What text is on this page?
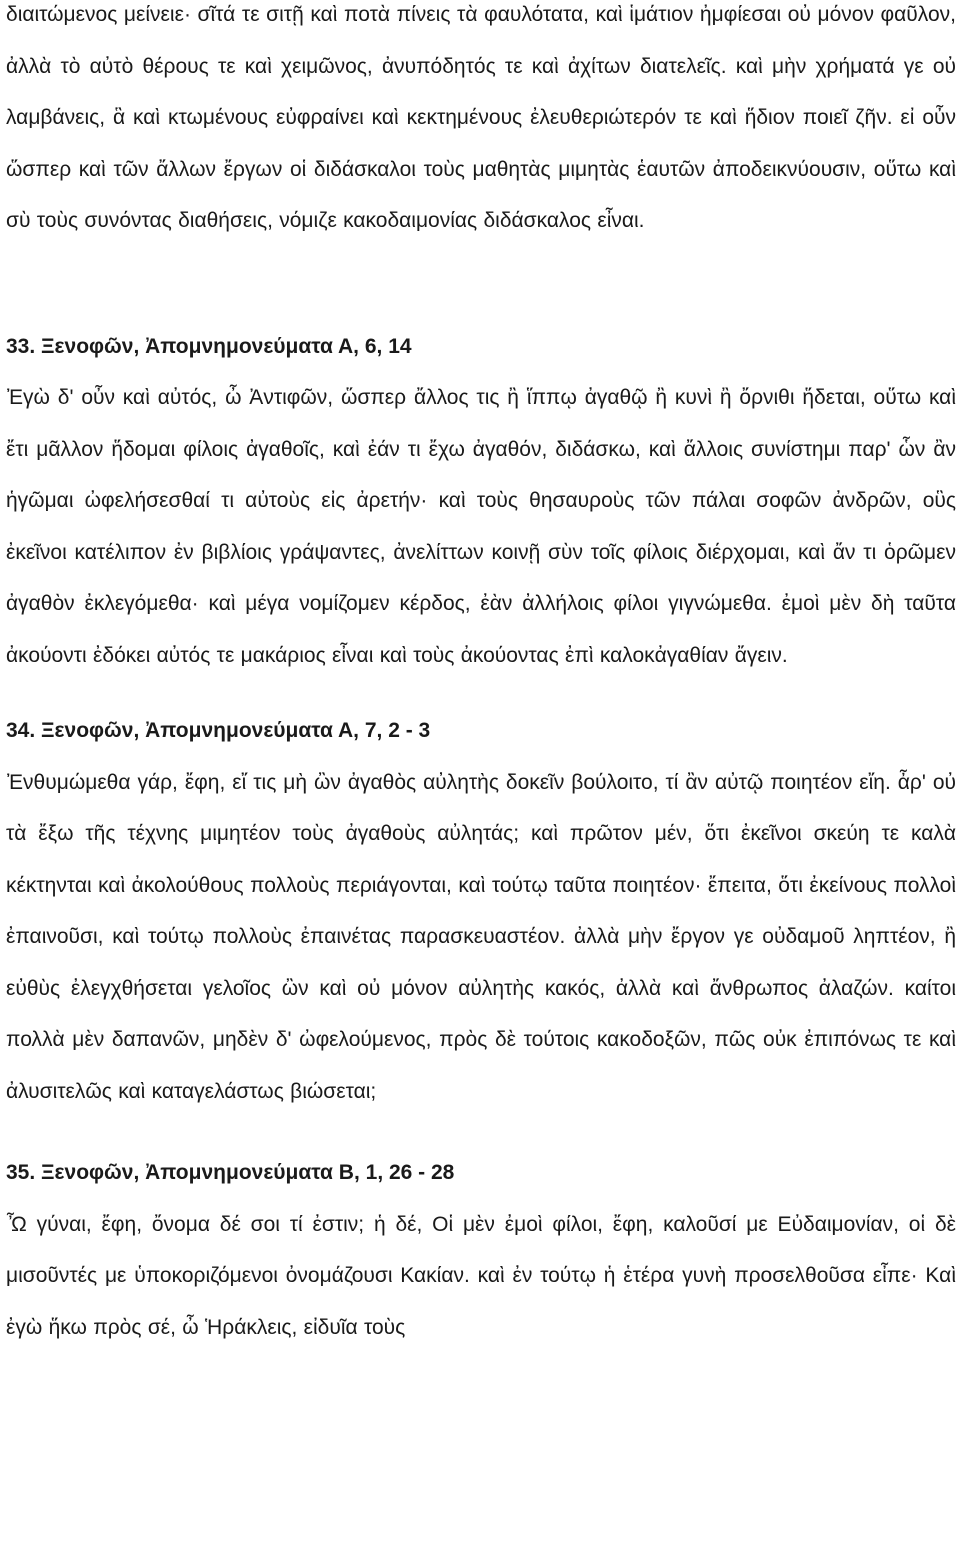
διαιτώμενος μείνειε· σῖτά τε σιτῇ καὶ ποτὰ πίνεις τὰ φαυλότατα, καὶ ἱμάτιον ἠμφίεσαι οὐ μόνον φαῦλον, ἀλλὰ τὸ αὐτὸ θέρους τε καὶ χειμῶνος, ἀνυπόδητός τε καὶ ἀχίτων διατελεῖς. καὶ μὴν χρήματά γε οὐ λαμβάνεις, ἃ καὶ κτωμένους εὐφραίνει καὶ κεκτημένους ἐλευθεριώτερόν τε καὶ ἥδιον ποιεῖ ζῆν. εἰ οὖν ὥσπερ καὶ τῶν ἄλλων ἔργων οἱ διδάσκαλοι τοὺς μαθητὰς μιμητὰς ἑαυτῶν ἀποδεικνύουσιν, οὕτω καὶ σὺ τοὺς συνόντας διαθήσεις, νόμιζε κακοδαιμονίας διδάσκαλος εἶναι.

33. Ξενοφῶν, Ἀπομνημονεύματα Α, 6, 14

Ἐγὼ δ' οὖν καὶ αὐτός, ὦ Ἀντιφῶν, ὥσπερ ἄλλος τις ἢ ἵππῳ ἀγαθῷ ἢ κυνὶ ἢ ὄρνιθι ἥδεται, οὕτω καὶ ἔτι μᾶλλον ἥδομαι φίλοις ἀγαθοῖς, καὶ ἐάν τι ἔχω ἀγαθόν, διδάσκω, καὶ ἄλλοις συνίστημι παρ' ὧν ἂν ἡγῶμαι ὠφελήσεσθαί τι αὐτοὺς εἰς ἀρετήν· καὶ τοὺς θησαυροὺς τῶν πάλαι σοφῶν ἀνδρῶν, οὓς ἐκεῖνοι κατέλιπον ἐν βιβλίοις γράψαντες, ἀνελίττων κοινῇ σὺν τοῖς φίλοις διέρχομαι, καὶ ἄν τι ὁρῶμεν ἀγαθὸν ἐκλεγόμεθα· καὶ μέγα νομίζομεν κέρδος, ἐὰν ἀλλήλοις φίλοι γιγνώμεθα. ἐμοὶ μὲν δὴ ταῦτα ἀκούοντι ἐδόκει αὐτός τε μακάριος εἶναι καὶ τοὺς ἀκούοντας ἐπὶ καλοκἀγαθίαν ἄγειν.

34. Ξενοφῶν, Ἀπομνημονεύματα Α, 7, 2 - 3

Ἐνθυμώμεθα γάρ, ἔφη, εἴ τις μὴ ὢν ἀγαθὸς αὐλητὴς δοκεῖν βούλοιτο, τί ἂν αὐτῷ ποιητέον εἴη. ἆρ' οὐ τὰ ἔξω τῆς τέχνης μιμητέον τοὺς ἀγαθοὺς αὐλητάς; καὶ πρῶτον μέν, ὅτι ἐκεῖνοι σκεύη τε καλὰ κέκτηνται καὶ ἀκολούθους πολλοὺς περιάγονται, καὶ τούτῳ ταῦτα ποιητέον· ἔπειτα, ὅτι ἐκείνους πολλοὶ ἐπαινοῦσι, καὶ τούτῳ πολλοὺς ἐπαινέτας παρασκευαστέον. ἀλλὰ μὴν ἔργον γε οὐδαμοῦ ληπτέον, ἢ εὐθὺς ἐλεγχθήσεται γελοῖος ὢν καὶ οὐ μόνον αὐλητὴς κακός, ἀλλὰ καὶ ἄνθρωπος ἀλαζών. καίτοι πολλὰ μὲν δαπανῶν, μηδὲν δ' ὠφελούμενος, πρὸς δὲ τούτοις κακοδοξῶν, πῶς οὐκ ἐπιπόνως τε καὶ ἀλυσιτελῶς καὶ καταγελάστως βιώσεται;

35. Ξενοφῶν, Ἀπομνημονεύματα Β, 1, 26 - 28

Ὦ γύναι, ἔφη, ὄνομα δέ σοι τί ἐστιν; ἡ δέ, Οἱ μὲν ἐμοὶ φίλοι, ἔφη, καλοῦσί με Εὐδαιμονίαν, οἱ δὲ μισοῦντές με ὑποκοριζόμενοι ὀνομάζουσι Κακίαν. καὶ ἐν τούτῳ ἡ ἑτέρα γυνὴ προσελθοῦσα εἶπε· Καὶ ἐγὼ ἥκω πρὸς σέ, ὦ Ἡράκλεις, εἰδυῖα τοὺς
